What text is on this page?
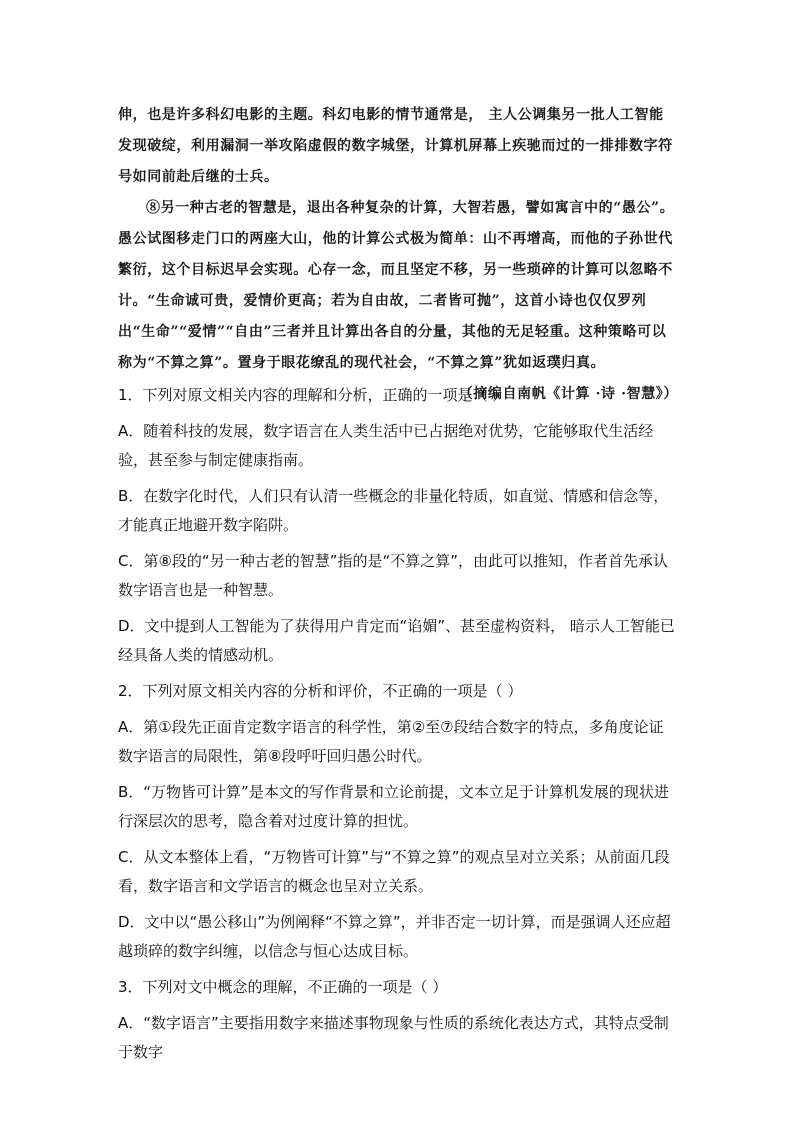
伸，也是许多科幻电影的主题。科幻电影的情节通常是， 主人公调集另一批人工智能发现破绽，利用漏洞一举攻陷虚假的数字城堡，计算机屏幕上疾驰而过的一排排数字符号如同前赴后继的士兵。

⑧另一种古老的智慧是，退出各种复杂的计算，大智若愚，譬如寓言中的“愚公”。愚公试图移走门口的两座大山，他的计算公式极为简单：山不再增高，而他的子孙世代繁衍，这个目标迟早会实现。心存一念，而且坚定不移，另一些琐碎的计算可以忽略不计。“生命诚可贵，爱情价更高；若为自由故，二者皆可抛”，这首小诗也仅仅罗列出“生命”“爱情”“自由”三者并且计算出各自的分量，其他的无足轻重。这种策略可以称为“不算之算”。置身于眼花缭乱的现代社会，“不算之算”犹如返璞归真。

（摘编自南帆《计算 ·诗 ·智慧》）

1．下列对原文相关内容的理解和分析，正确的一项是（ ）

A．随着科技的发展，数字语言在人类生活中已占据绝对优势，它能够取代生活经验，甚至参与制定健康指南。

B．在数字化时代，人们只有认清一些概念的非量化特质，如直觉、情感和信念等， 才能真正地避开数字陷阱。

C．第⑧段的“另一种古老的智慧”指的是“不算之算”，由此可以推知，作者首先承认数字语言也是一种智慧。

D．文中提到人工智能为了获得用户肯定而“谄媚”、甚至虚构资料， 暗示人工智能已经具备人类的情感动机。

2．下列对原文相关内容的分析和评价，不正确的一项是（ ）

A．第①段先正面肯定数字语言的科学性，第②至⑦段结合数字的特点，多角度论证数字语言的局限性，第⑧段呼吁回归愚公时代。

B．“万物皆可计算”是本文的写作背景和立论前提，文本立足于计算机发展的现状进行深层次的思考，隐含着对过度计算的担忧。

C．从文本整体上看，“万物皆可计算”与“不算之算”的观点呈对立关系；从前面几段看，数字语言和文学语言的概念也呈对立关系。

D．文中以“愚公移山”为例阐释“不算之算”，并非否定一切计算，而是强调人还应超越琐碎的数字纠缠，以信念与恒心达成目标。

3．下列对文中概念的理解，不正确的一项是（ ）

A．“数字语言”主要指用数字来描述事物现象与性质的系统化表达方式，其特点受制于数字
